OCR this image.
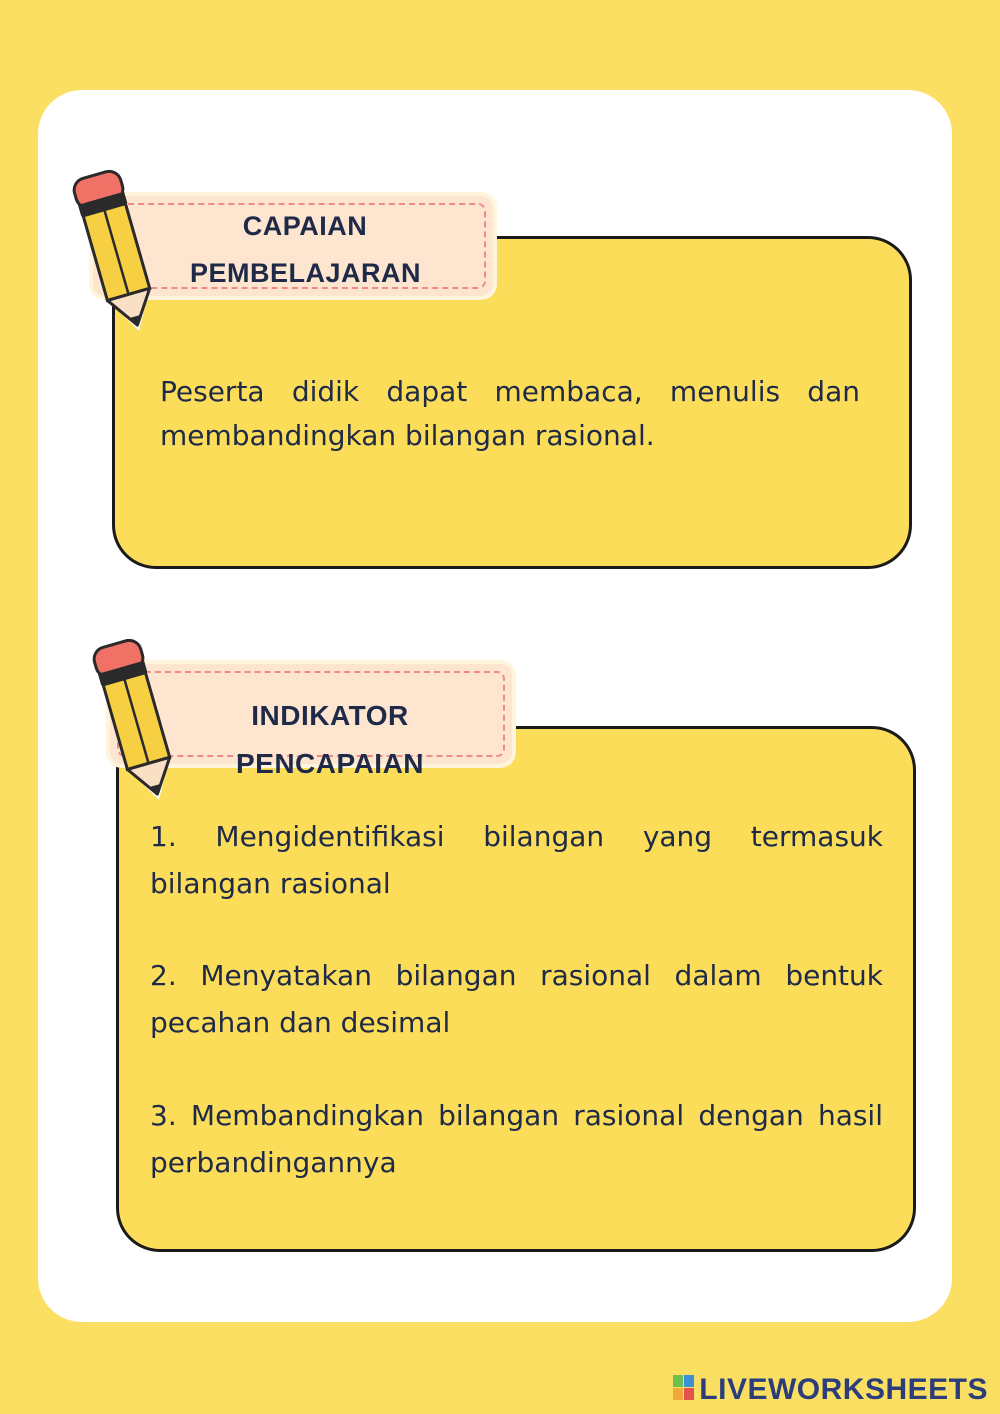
CAPAIAN PEMBELAJARAN
Peserta didik dapat membaca, menulis dan membandingkan bilangan rasional.
INDIKATOR PENCAPAIAN
1. Mengidentifikasi bilangan yang termasuk bilangan rasional
2. Menyatakan bilangan rasional dalam bentuk pecahan dan desimal
3. Membandingkan bilangan rasional dengan hasil perbandingannya
LIVEWORKSHEETS
